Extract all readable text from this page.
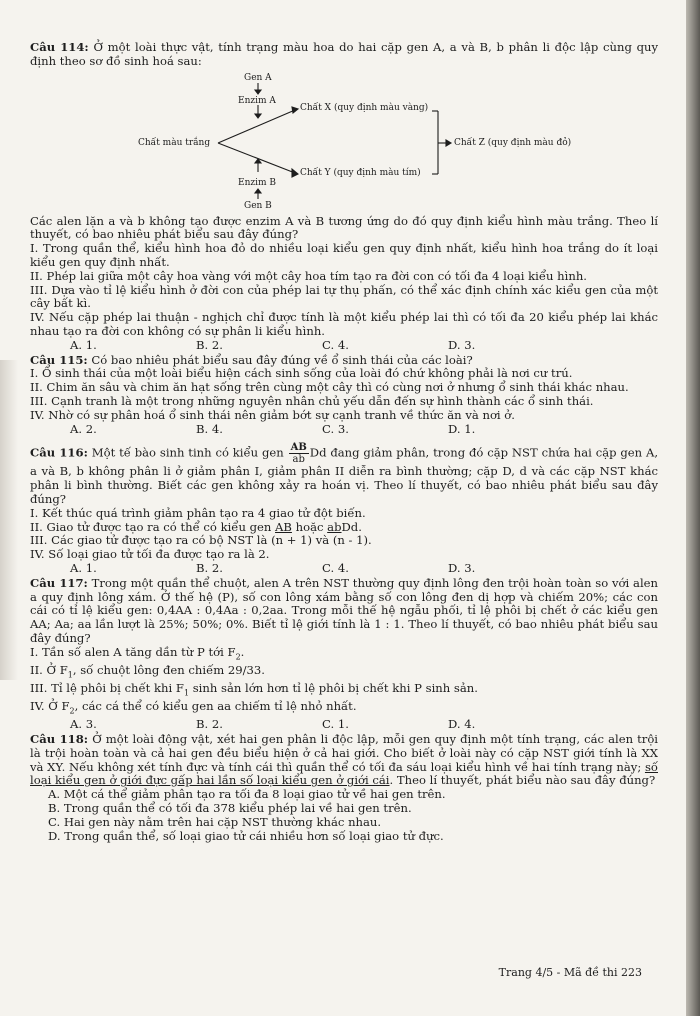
Câu 114: Ở một loài thực vật, tính trạng màu hoa do hai cặp gen A, a và B, b phân li độc lập cùng quy định theo sơ đồ sinh hoá sau:

Gen A
Enzim A
Chất X (quy định màu vàng)
Chất màu trắng	Chất Z (quy định màu đỏ)
Chất Y (quy định màu tím)
Enzim B
Gen B

Các alen lặn a và b không tạo được enzim A và B tương ứng do đó quy định kiểu hình màu trắng. Theo lí thuyết, có bao nhiêu phát biểu sau đây đúng?

I. Trong quần thể, kiểu hình hoa đỏ do nhiều loại kiểu gen quy định nhất, kiểu hình hoa trắng do ít loại kiểu gen quy định nhất.

II. Phép lai giữa một cây hoa vàng với một cây hoa tím tạo ra đời con có tối đa 4 loại kiểu hình.

III. Dựa vào tỉ lệ kiểu hình ở đời con của phép lai tự thụ phấn, có thể xác định chính xác kiểu gen của một cây bất kì.

IV. Nếu cặp phép lai thuận - nghịch chỉ được tính là một kiểu phép lai thì có tối đa 20 kiểu phép lai khác nhau tạo ra đời con không có sự phân li kiểu hình.

A. 1.	B. 2.	C. 4.	D. 3.

Câu 115: Có bao nhiêu phát biểu sau đây đúng về ổ sinh thái của các loài?

I. Ổ sinh thái của một loài biểu hiện cách sinh sống của loài đó chứ không phải là nơi cư trú.

II. Chim ăn sâu và chim ăn hạt sống trên cùng một cây thì có cùng nơi ở nhưng ổ sinh thái khác nhau.

III. Cạnh tranh là một trong những nguyên nhân chủ yếu dẫn đến sự hình thành các ổ sinh thái.

IV. Nhờ có sự phân hoá ổ sinh thái nên giảm bớt sự cạnh tranh về thức ăn và nơi ở.

A. 2.	B. 4.	C. 3.	D. 1.

Câu 116: Một tế bào sinh tinh có kiểu gen $\frac{AB}{ab}$ Dd đang giảm phân, trong đó cặp NST chứa hai cặp gen A, a và B, b không phân li ở giảm phân I, giảm phân II diễn ra bình thường; cặp D, d và các cặp NST khác phân li bình thường. Biết các gen không xảy ra hoán vị. Theo lí thuyết, có bao nhiêu phát biểu sau đây đúng?

I. Kết thúc quá trình giảm phân tạo ra 4 giao tử đột biến.

II. Giao tử được tạo ra có thể có kiểu gen AB hoặc abDd.

III. Các giao tử được tạo ra có bộ NST là (n + 1) và (n - 1).

IV. Số loại giao tử tối đa được tạo ra là 2.

A. 1.	B. 2.	C. 4.	D. 3.

Câu 117: Trong một quần thể chuột, alen A trên NST thường quy định lông đen trội hoàn toàn so với alen a quy định lông xám. Ở thế hệ (P), số con lông xám bằng số con lông đen dị hợp và chiếm 20%; các con cái có tỉ lệ kiểu gen: 0,4AA : 0,4Aa : 0,2aa. Trong mỗi thế hệ ngẫu phối, tỉ lệ phôi bị chết ở các kiểu gen AA; Aa; aa lần lượt là 25%; 50%; 0%. Biết tỉ lệ giới tính là 1 : 1. Theo lí thuyết, có bao nhiêu phát biểu sau đây đúng?

I. Tần số alen A tăng dần từ P tới $F_2$.

II. Ở $F_1$, số chuột lông đen chiếm 29/33.

III. Tỉ lệ phôi bị chết khi $F_1$ sinh sản lớn hơn tỉ lệ phôi bị chết khi P sinh sản.

IV. Ở $F_2$, các cá thể có kiểu gen aa chiếm tỉ lệ nhỏ nhất.

A. 3.	B. 2.	C. 1.	D. 4.

Câu 118: Ở một loài động vật, xét hai gen phân li độc lập, mỗi gen quy định một tính trạng, các alen trội là trội hoàn toàn và cả hai gen đều biểu hiện ở cả hai giới. Cho biết ở loài này có cặp NST giới tính là XX và XY. Nếu không xét tính đực và tính cái thì quần thể có tối đa sáu loại kiểu hình về hai tính trạng này; số loại kiểu gen ở giới đực gấp hai lần số loại kiểu gen ở giới cái. Theo lí thuyết, phát biểu nào sau đây đúng?

A. Một cá thể giảm phân tạo ra tối đa 8 loại giao tử về hai gen trên.

B. Trong quần thể có tối đa 378 kiểu phép lai về hai gen trên.

C. Hai gen này nằm trên hai cặp NST thường khác nhau.

D. Trong quần thể, số loại giao tử cái nhiều hơn số loại giao tử đực.

Trang 4/5 - Mã đề thi 223
